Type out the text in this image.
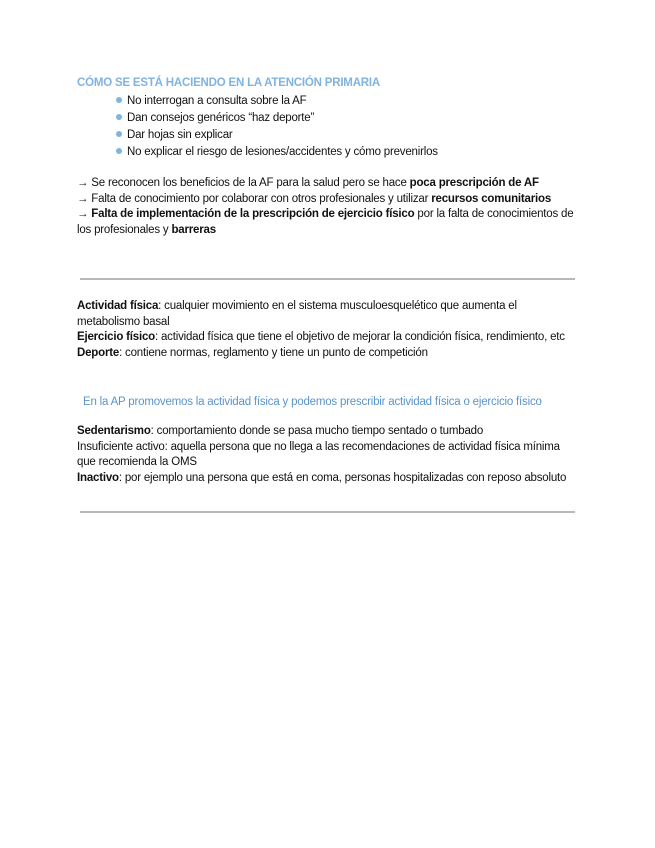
CÓMO SE ESTÁ HACIENDO EN LA ATENCIÓN PRIMARIA
No interrogan a consulta sobre la AF
Dan consejos genéricos “haz deporte”
Dar hojas sin explicar
No explicar el riesgo de lesiones/accidentes y cómo prevenirlos

→ Se reconocen los beneficios de la AF para la salud pero se hace poca prescripción de AF

→ Falta de conocimiento por colaborar con otros profesionales y utilizar recursos comunitarios

→ Falta de implementación de la prescripción de ejercicio físico por la falta de conocimientos de los profesionales y barreras

Actividad física: cualquier movimiento en el sistema musculoesquelético que aumenta el metabolismo basal

Ejercicio físico: actividad física que tiene el objetivo de mejorar la condición física, rendimiento, etc

Deporte: contiene normas, reglamento y tiene un punto de competición

En la AP promovemos la actividad física y podemos prescribir actividad física o ejercicio físico

Sedentarismo: comportamiento donde se pasa mucho tiempo sentado o tumbado

Insuficiente activo: aquella persona que no llega a las recomendaciones de actividad física mínima que recomienda la OMS

Inactivo: por ejemplo una persona que está en coma, personas hospitalizadas con reposo absoluto
